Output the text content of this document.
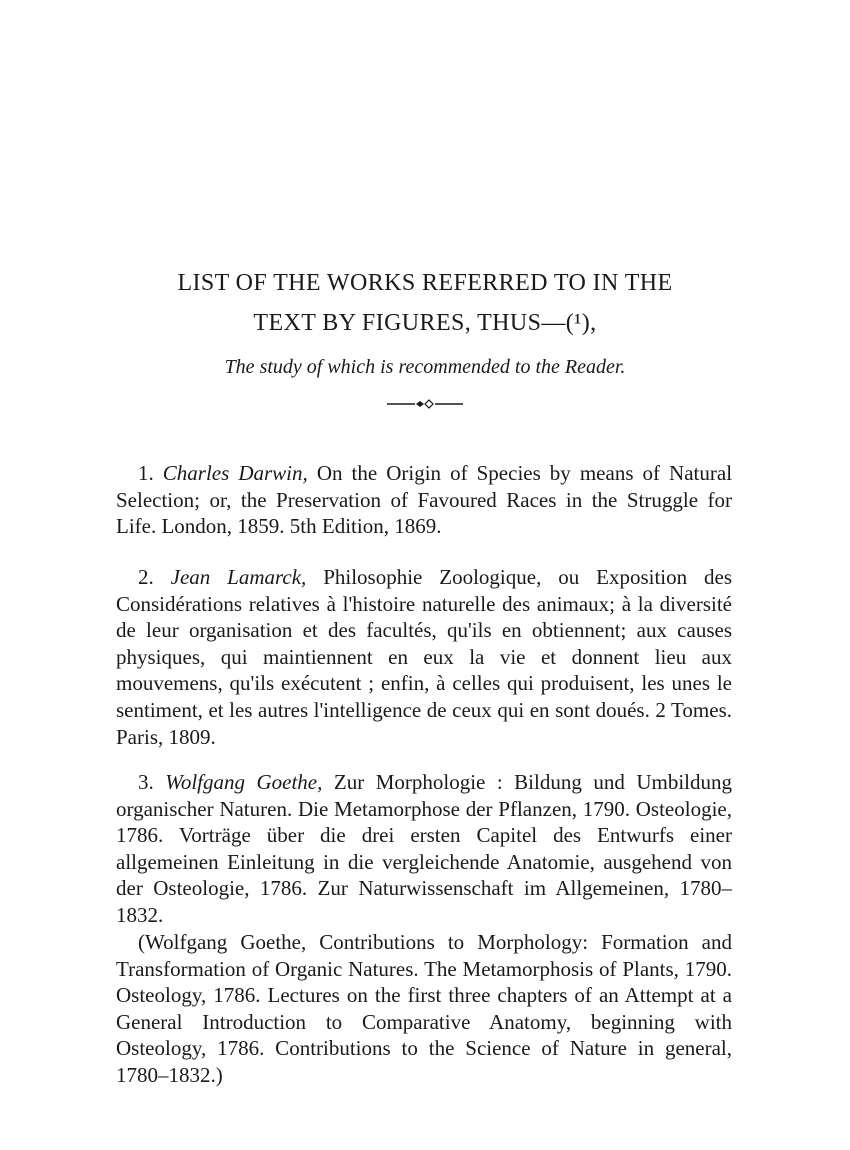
LIST OF THE WORKS REFERRED TO IN THE
TEXT BY FIGURES, THUS—(¹),
The study of which is recommended to the Reader.

1. Charles Darwin, On the Origin of Species by means of Natural Selection; or, the Preservation of Favoured Races in the Struggle for Life. London, 1859. 5th Edition, 1869.

2. Jean Lamarck, Philosophie Zoologique, ou Exposition des Considérations relatives à l'histoire naturelle des animaux; à la diversité de leur organisation et des facultés, qu'ils en obtiennent; aux causes physiques, qui maintiennent en eux la vie et donnent lieu aux mouvemens, qu'ils exécutent ; enfin, à celles qui produisent, les unes le sentiment, et les autres l'intelligence de ceux qui en sont doués. 2 Tomes. Paris, 1809.

3. Wolfgang Goethe, Zur Morphologie : Bildung und Umbildung organischer Naturen. Die Metamorphose der Pflanzen, 1790. Osteologie, 1786. Vorträge über die drei ersten Capitel des Entwurfs einer allgemeinen Einleitung in die vergleichende Anatomie, ausgehend von der Osteologie, 1786. Zur Naturwissenschaft im Allgemeinen, 1780–1832.

(Wolfgang Goethe, Contributions to Morphology: Formation and Transformation of Organic Natures. The Metamorphosis of Plants, 1790. Osteology, 1786. Lectures on the first three chapters of an Attempt at a General Introduction to Comparative Anatomy, beginning with Osteology, 1786. Contributions to the Science of Nature in general, 1780–1832.)
